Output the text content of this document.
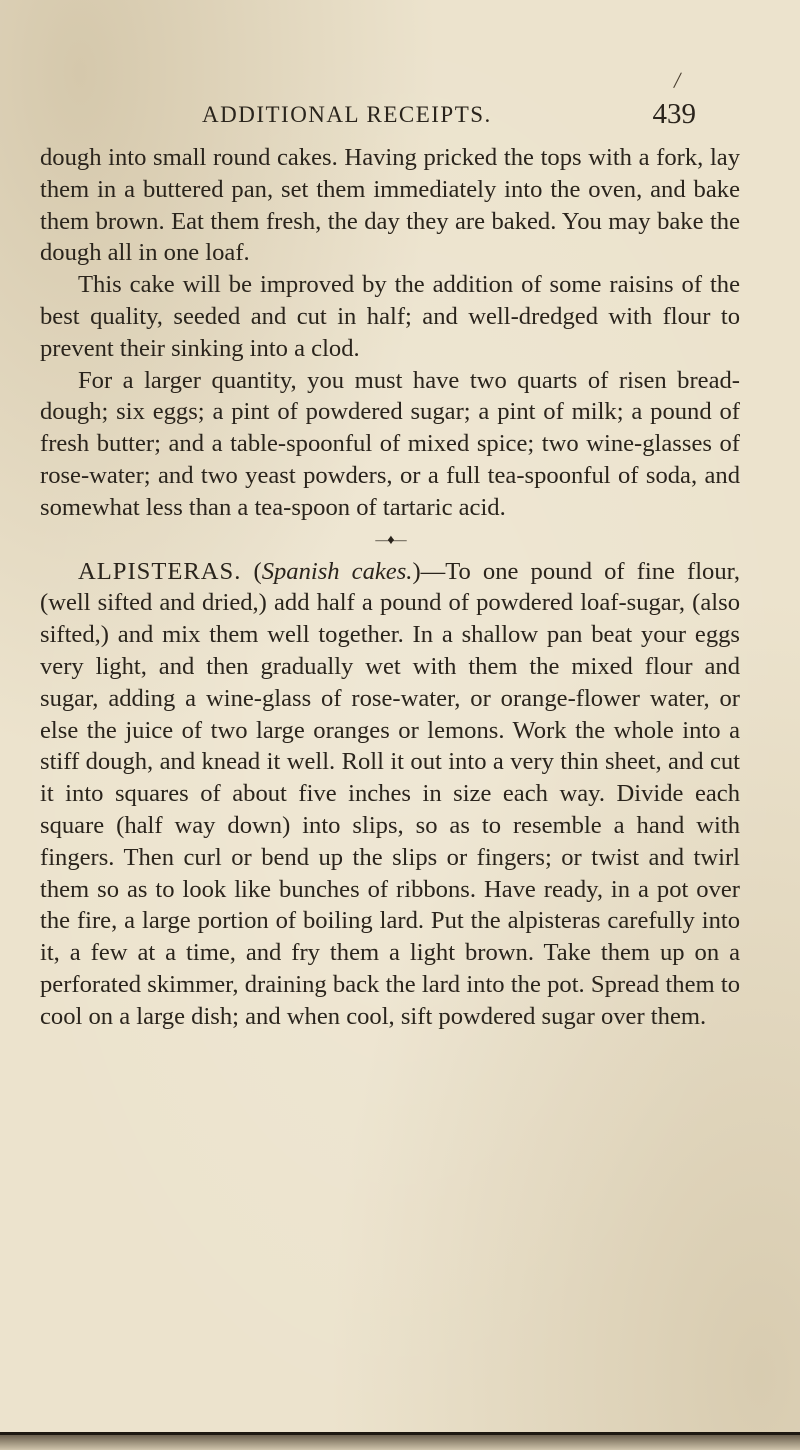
ADDITIONAL RECEIPTS.	439
/

dough into small round cakes. Having pricked the tops with a fork, lay them in a buttered pan, set them immediately into the oven, and bake them brown. Eat them fresh, the day they are baked. You may bake the dough all in one loaf.

This cake will be improved by the addition of some raisins of the best quality, seeded and cut in half; and well-dredged with flour to prevent their sinking into a clod.

For a larger quantity, you must have two quarts of risen bread-dough; six eggs; a pint of powdered sugar; a pint of milk; a pound of fresh butter; and a table-spoonful of mixed spice; two wine-glasses of rose-water; and two yeast powders, or a full tea-spoonful of soda, and somewhat less than a tea-spoon of tartaric acid.

—♦—

ALPISTERAS. (Spanish cakes.)—To one pound of fine flour, (well sifted and dried,) add half a pound of powdered loaf-sugar, (also sifted,) and mix them well together. In a shallow pan beat your eggs very light, and then gradually wet with them the mixed flour and sugar, adding a wine-glass of rose-water, or orange-flower water, or else the juice of two large oranges or lemons. Work the whole into a stiff dough, and knead it well. Roll it out into a very thin sheet, and cut it into squares of about five inches in size each way. Divide each square (half way down) into slips, so as to resemble a hand with fingers. Then curl or bend up the slips or fingers; or twist and twirl them so as to look like bunches of ribbons. Have ready, in a pot over the fire, a large portion of boiling lard. Put the alpisteras carefully into it, a few at a time, and fry them a light brown. Take them up on a perforated skimmer, draining back the lard into the pot. Spread them to cool on a large dish; and when cool, sift powdered sugar over them.
